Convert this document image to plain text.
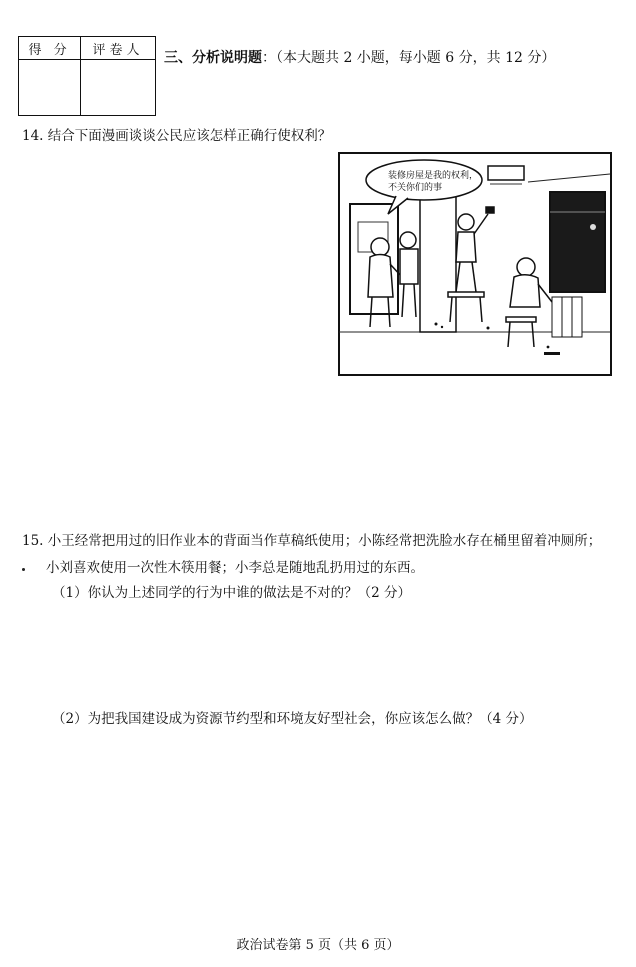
得 分	评卷人
	三、分析说明题：（本大题共 2 小题，每小题 6 分，共 12 分）
14. 结合下面漫画谈谈公民应该怎样正确行使权利？
装修房屋是我的权利，
不关你们的事
15. 小王经常把用过的旧作业本的背面当作草稿纸使用；小陈经常把洗脸水存在桶里留着冲厕所；
小刘喜欢使用一次性木筷用餐；小李总是随地乱扔用过的东西。
（1）你认为上述同学的行为中谁的做法是不对的？（2 分）
（2）为把我国建设成为资源节约型和环境友好型社会，你应该怎么做？（4 分）
政治试卷第 5 页（共 6 页）
